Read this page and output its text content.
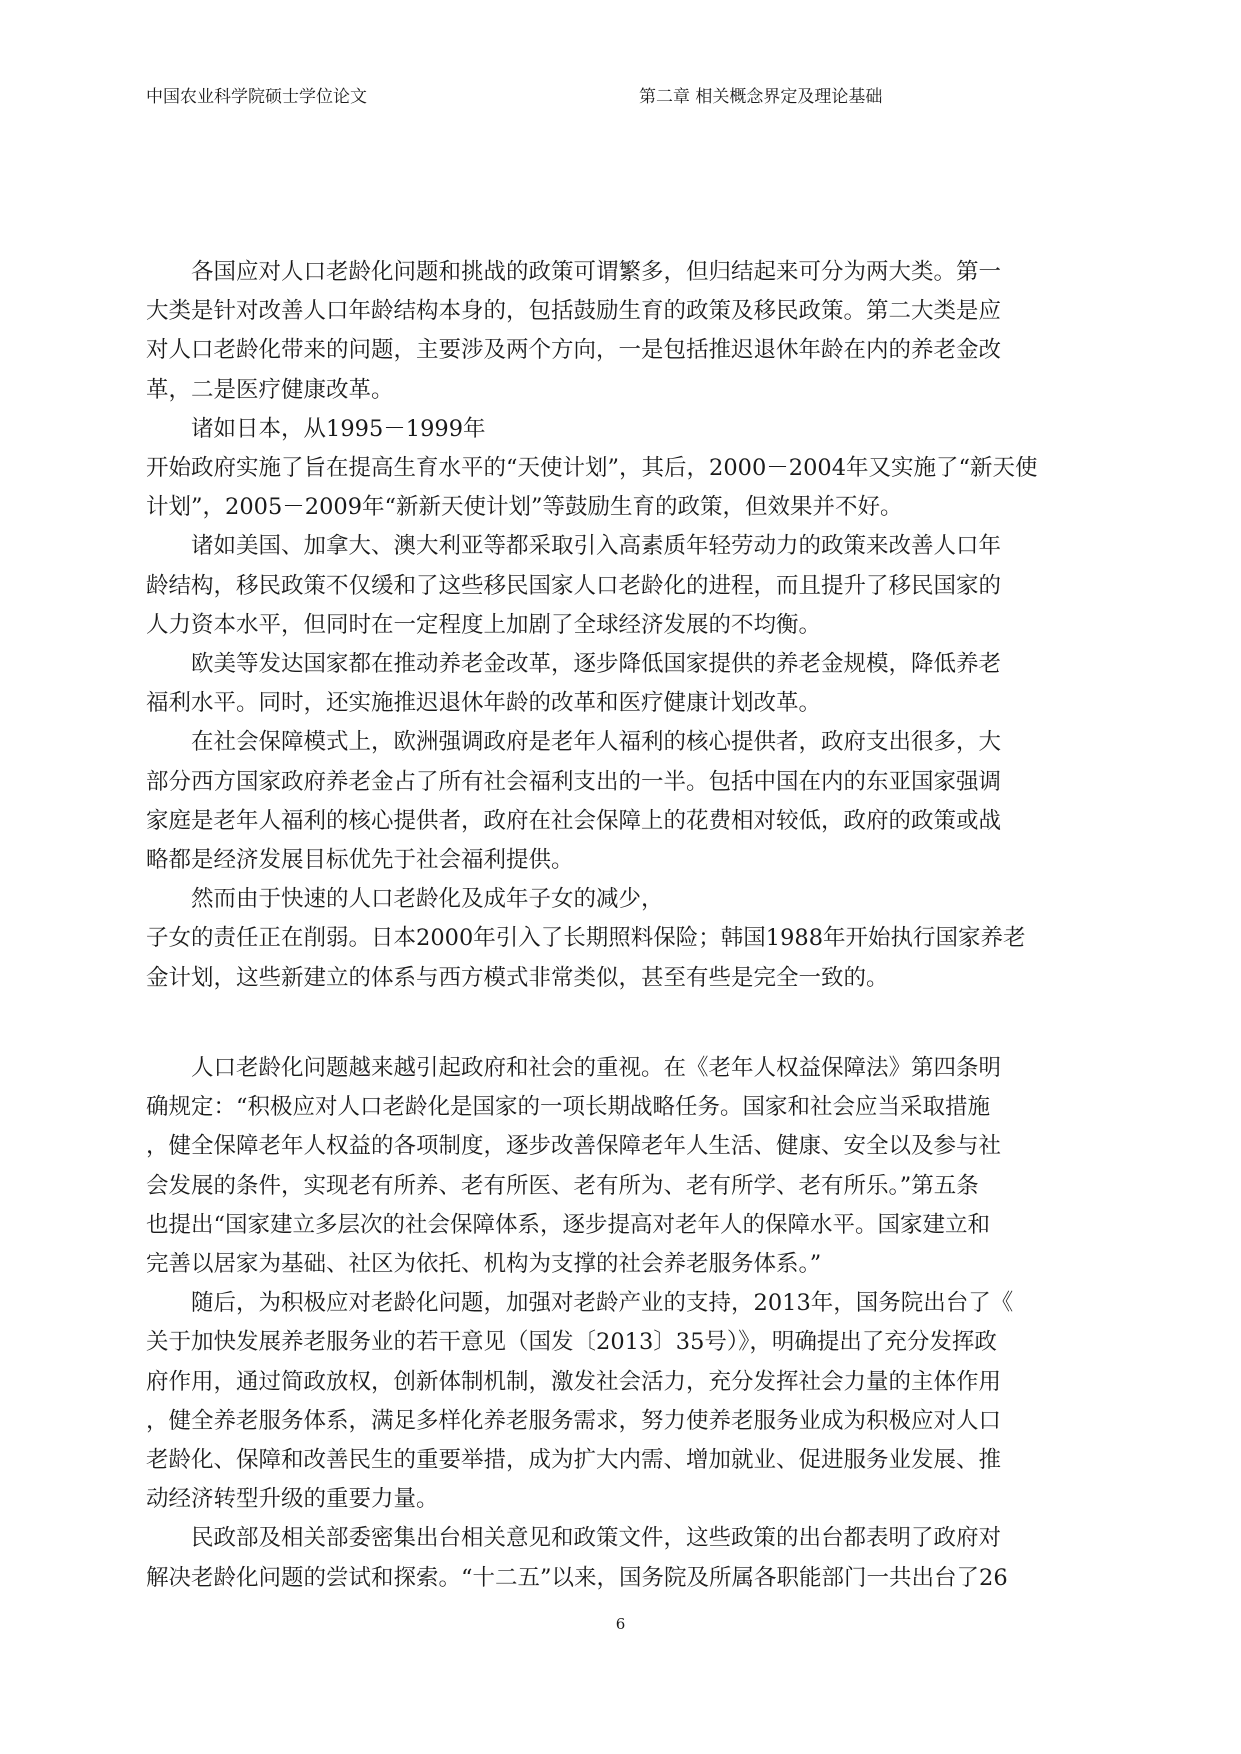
中国农业科学院硕士学位论文	第二章 相关概念界定及理论基础

各国应对人口老龄化问题和挑战的政策可谓繁多，但归结起来可分为两大类。第一
大类是针对改善人口年龄结构本身的，包括鼓励生育的政策及移民政策。第二大类是应
对人口老龄化带来的问题，主要涉及两个方向，一是包括推迟退休年龄在内的养老金改
革，二是医疗健康改革。

诸如日本，从1995－1999年
开始政府实施了旨在提高生育水平的“天使计划”，其后，2000－2004年又实施了“新天使
计划”，2005－2009年“新新天使计划”等鼓励生育的政策，但效果并不好。

诸如美国、加拿大、澳大利亚等都采取引入高素质年轻劳动力的政策来改善人口年
龄结构，移民政策不仅缓和了这些移民国家人口老龄化的进程，而且提升了移民国家的
人力资本水平，但同时在一定程度上加剧了全球经济发展的不均衡。

欧美等发达国家都在推动养老金改革，逐步降低国家提供的养老金规模，降低养老
福利水平。同时，还实施推迟退休年龄的改革和医疗健康计划改革。

在社会保障模式上，欧洲强调政府是老年人福利的核心提供者，政府支出很多，大
部分西方国家政府养老金占了所有社会福利支出的一半。包括中国在内的东亚国家强调
家庭是老年人福利的核心提供者，政府在社会保障上的花费相对较低，政府的政策或战
略都是经济发展目标优先于社会福利提供。

然而由于快速的人口老龄化及成年子女的减少，
子女的责任正在削弱。日本2000年引入了长期照料保险；韩国1988年开始执行国家养老
金计划，这些新建立的体系与西方模式非常类似，甚至有些是完全一致的。

人口老龄化问题越来越引起政府和社会的重视。在《老年人权益保障法》第四条明
确规定：“积极应对人口老龄化是国家的一项长期战略任务。国家和社会应当采取措施
，健全保障老年人权益的各项制度，逐步改善保障老年人生活、健康、安全以及参与社
会发展的条件，实现老有所养、老有所医、老有所为、老有所学、老有所乐。”第五条
也提出“国家建立多层次的社会保障体系，逐步提高对老年人的保障水平。国家建立和
完善以居家为基础、社区为依托、机构为支撑的社会养老服务体系。”

随后，为积极应对老龄化问题，加强对老龄产业的支持，2013年，国务院出台了《
关于加快发展养老服务业的若干意见（国发〔2013〕35号）》，明确提出了充分发挥政
府作用，通过简政放权，创新体制机制，激发社会活力，充分发挥社会力量的主体作用
，健全养老服务体系，满足多样化养老服务需求，努力使养老服务业成为积极应对人口
老龄化、保障和改善民生的重要举措，成为扩大内需、增加就业、促进服务业发展、推
动经济转型升级的重要力量。

民政部及相关部委密集出台相关意见和政策文件，这些政策的出台都表明了政府对
解决老龄化问题的尝试和探索。“十二五”以来，国务院及所属各职能部门一共出台了26

6
